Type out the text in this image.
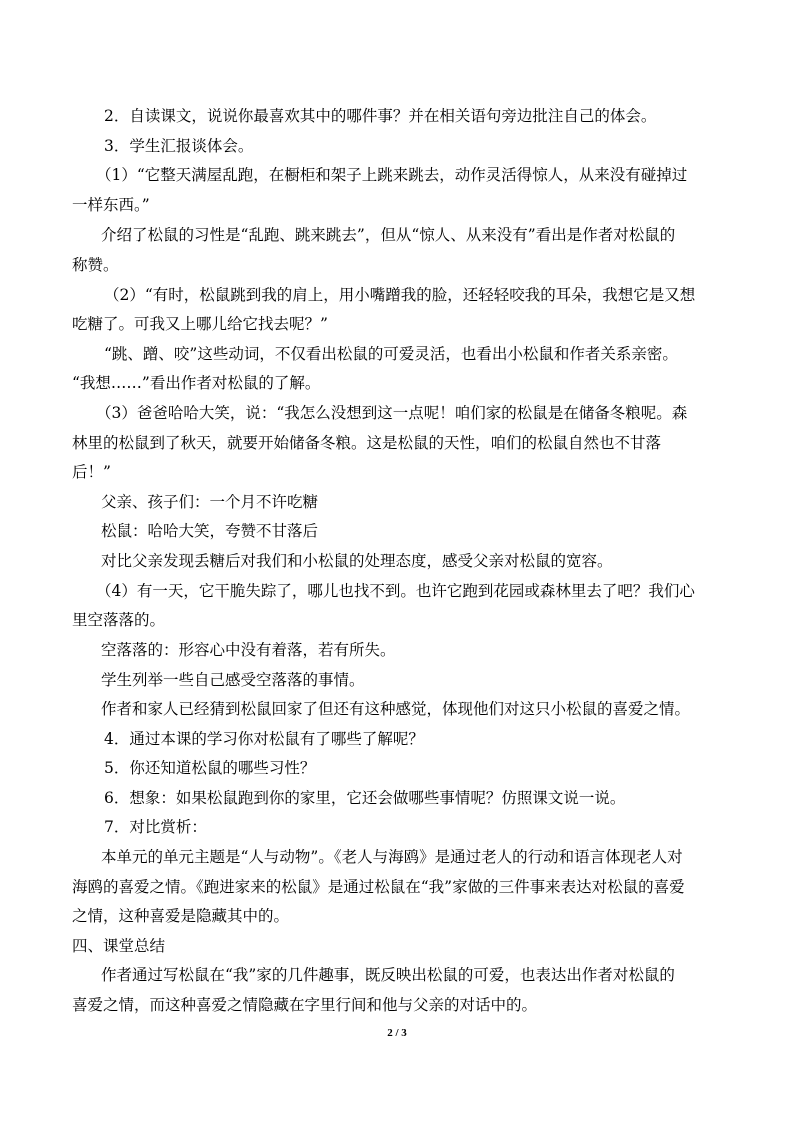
2．自读课文，说说你最喜欢其中的哪件事？并在相关语句旁边批注自己的体会。
3．学生汇报谈体会。
（1）“它整天满屋乱跑，在橱柜和架子上跳来跳去，动作灵活得惊人，从来没有碰掉过
一样东西。”
介绍了松鼠的习性是“乱跑、跳来跳去”，但从“惊人、从来没有”看出是作者对松鼠的
称赞。
（2）“有时，松鼠跳到我的肩上，用小嘴蹭我的脸，还轻轻咬我的耳朵，我想它是又想
吃糖了。可我又上哪儿给它找去呢？”
“跳、蹭、咬”这些动词，不仅看出松鼠的可爱灵活，也看出小松鼠和作者关系亲密。
“我想……”看出作者对松鼠的了解。
（3）爸爸哈哈大笑，说：“我怎么没想到这一点呢！咱们家的松鼠是在储备冬粮呢。森
林里的松鼠到了秋天，就要开始储备冬粮。这是松鼠的天性，咱们的松鼠自然也不甘落
后！”
父亲、孩子们：一个月不许吃糖
松鼠：哈哈大笑，夸赞不甘落后
对比父亲发现丢糖后对我们和小松鼠的处理态度，感受父亲对松鼠的宽容。
（4）有一天，它干脆失踪了，哪儿也找不到。也许它跑到花园或森林里去了吧？我们心
里空落落的。
空落落的：形容心中没有着落，若有所失。
学生列举一些自己感受空落落的事情。
作者和家人已经猜到松鼠回家了但还有这种感觉，体现他们对这只小松鼠的喜爱之情。
4．通过本课的学习你对松鼠有了哪些了解呢？
5．你还知道松鼠的哪些习性？
6．想象：如果松鼠跑到你的家里，它还会做哪些事情呢？仿照课文说一说。
7．对比赏析：
本单元的单元主题是“人与动物”。《老人与海鸥》是通过老人的行动和语言体现老人对
海鸥的喜爱之情。《跑进家来的松鼠》是通过松鼠在“我”家做的三件事来表达对松鼠的喜爱
之情，这种喜爱是隐藏其中的。
四、课堂总结
作者通过写松鼠在“我”家的几件趣事，既反映出松鼠的可爱，也表达出作者对松鼠的
喜爱之情，而这种喜爱之情隐藏在字里行间和他与父亲的对话中的。
2 / 3
